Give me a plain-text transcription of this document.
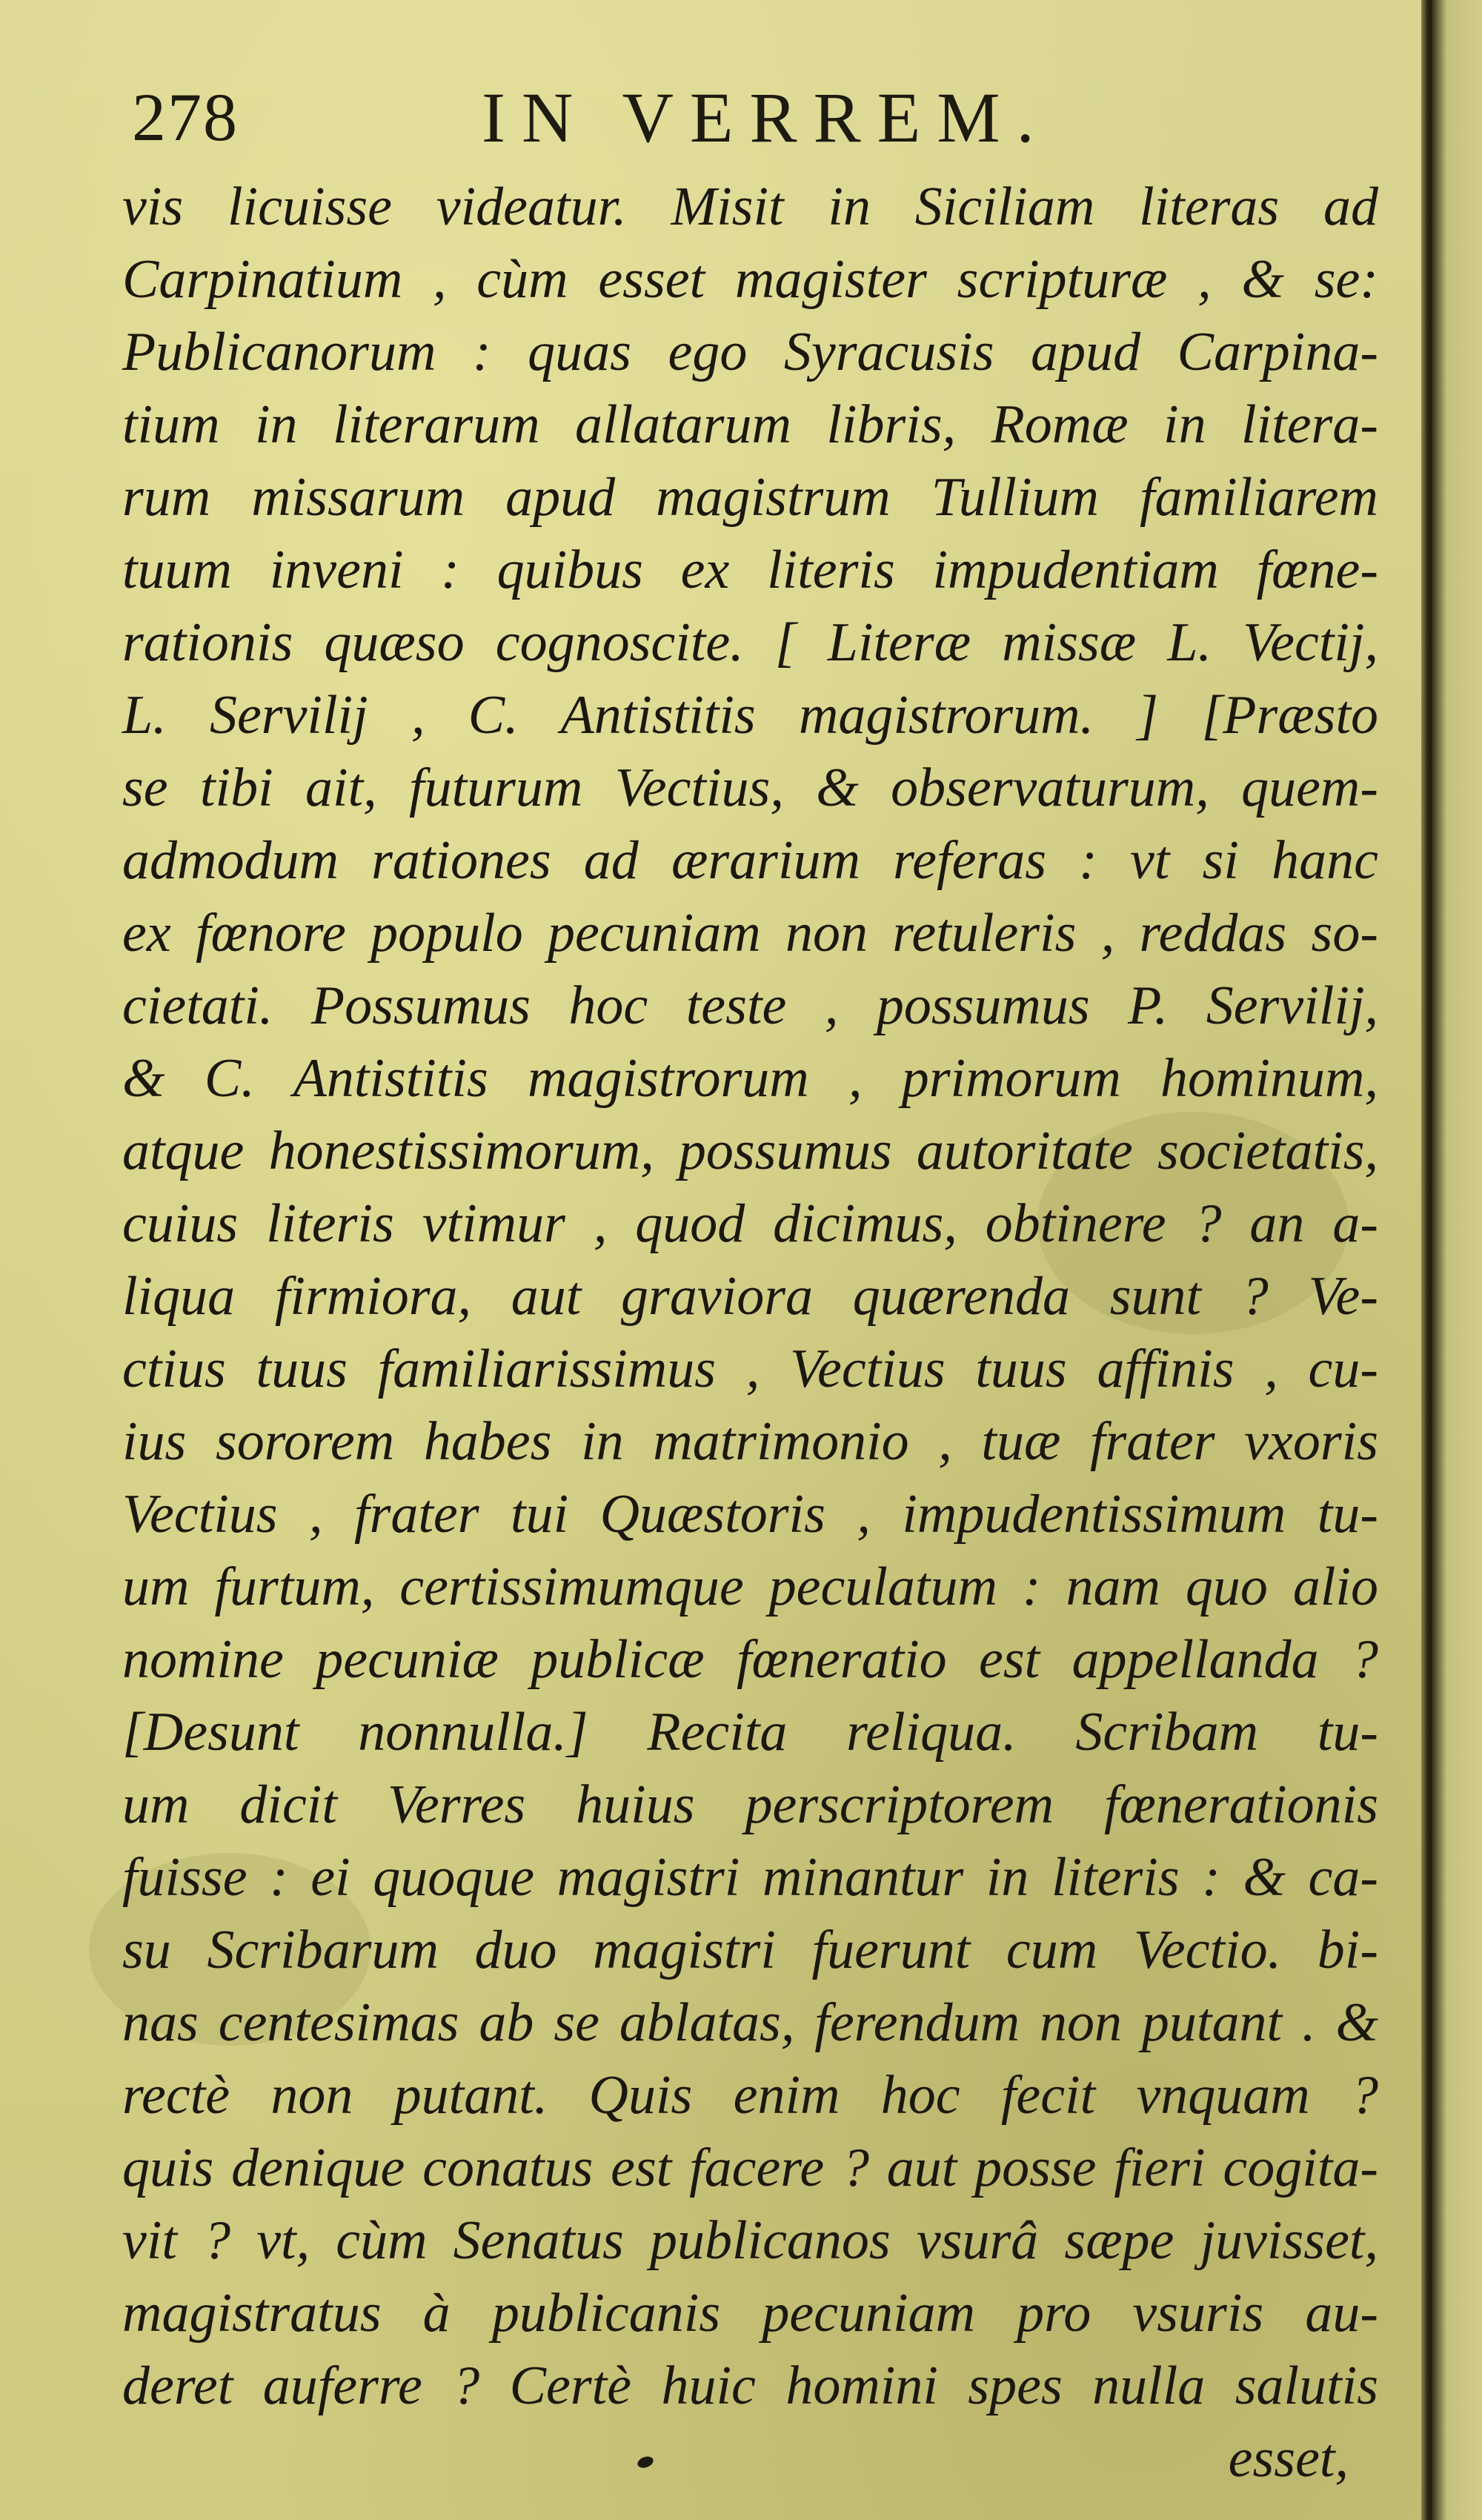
278	IN VERREM.
vis licuisse videatur. Misit in Siciliam literas ad
Carpinatium , cùm esset magister scripturæ , & se:
Publicanorum : quas ego Syracusis apud Carpina-
tium in literarum allatarum libris, Romæ in litera-
rum missarum apud magistrum Tullium familiarem
tuum inveni : quibus ex literis impudentiam fœne-
rationis quæso cognoscite. [ Literæ missæ L. Vectij,
L. Servilij , C. Antistitis magistrorum. ] [Præsto
se tibi ait, futurum Vectius, & observaturum, quem-
admodum rationes ad ærarium referas : vt si hanc
ex fœnore populo pecuniam non retuleris , reddas so-
cietati. Possumus hoc teste , possumus P. Servilij,
& C. Antistitis magistrorum , primorum hominum,
atque honestissimorum, possumus autoritate societatis,
cuius literis vtimur , quod dicimus, obtinere ? an a-
liqua firmiora, aut graviora quærenda sunt ? Ve-
ctius tuus familiarissimus , Vectius tuus affinis , cu-
ius sororem habes in matrimonio , tuæ frater vxoris
Vectius , frater tui Quæstoris , impudentissimum tu-
um furtum, certissimumque peculatum : nam quo alio
nomine pecuniæ publicæ fœneratio est appellanda ?
[Desunt nonnulla.] Recita reliqua. Scribam tu-
um dicit Verres huius perscriptorem fœnerationis
fuisse : ei quoque magistri minantur in literis : & ca-
su Scribarum duo magistri fuerunt cum Vectio. bi-
nas centesimas ab se ablatas, ferendum non putant . &
rectè non putant. Quis enim hoc fecit vnquam ?
quis denique conatus est facere ? aut posse fieri cogita-
vit ? vt, cùm Senatus publicanos vsurâ sæpe juvisset,
magistratus à publicanis pecuniam pro vsuris au-
deret auferre ? Certè huic homini spes nulla salutis
esset,
